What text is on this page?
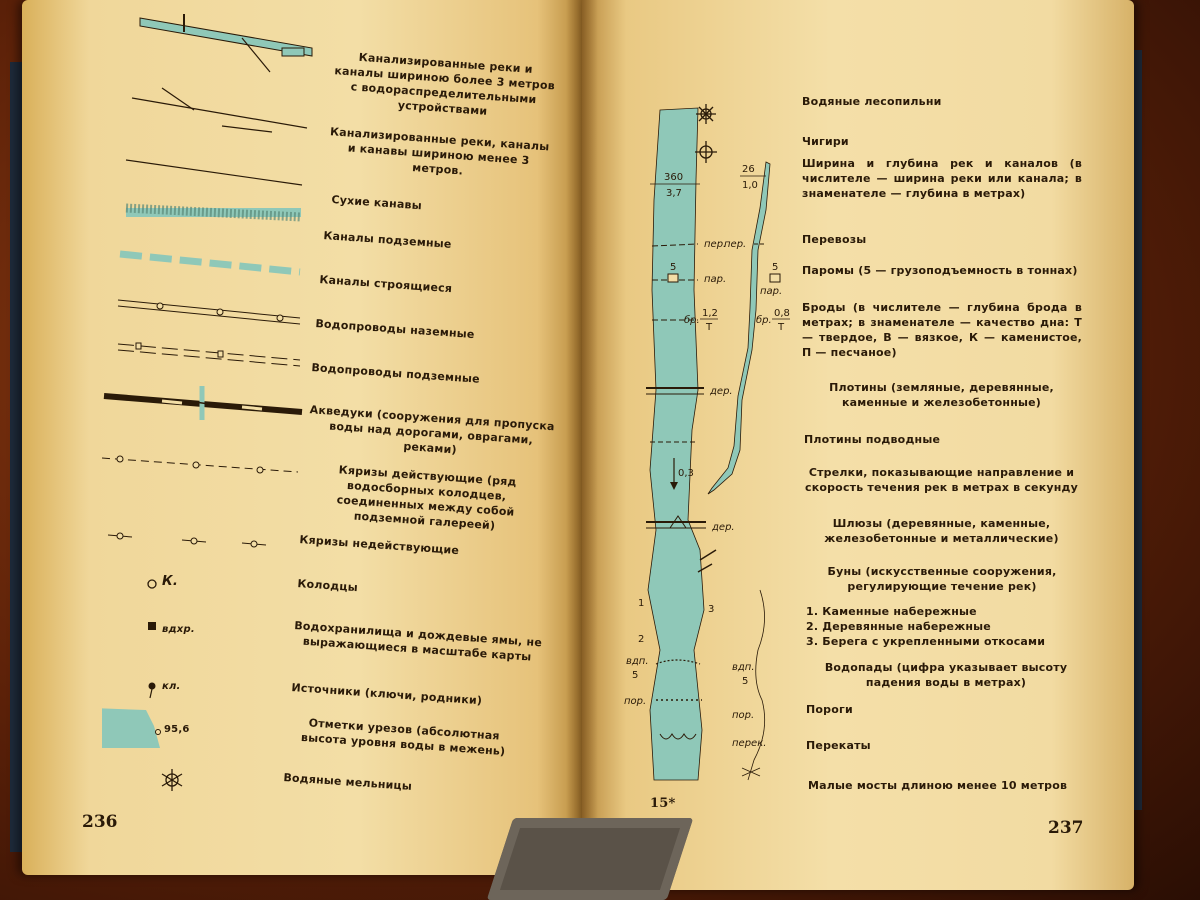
К.
вдхр.
кл.
95,6
Канализированные реки и каналы шириною более 3 метров с водораспределительными устройствами
Канализированные реки, каналы и канавы шириною менее 3 метров.
Сухие канавы
Каналы подземные
Каналы строящиеся
Водопроводы наземные
Водопроводы подземные
Акведуки (сооружения для пропуска воды над дорогами, оврагами, реками)
Кяризы действующие (ряд водосборных колодцев, соединенных между собой подземной галереей)
Кяризы недействующие
Колодцы
Водохранилища и дождевые ямы, не выражающиеся в масштабе карты
Источники (ключи, родники)
Отметки урезов (абсолютная высота уровня воды в межень)
Водяные мельницы
236
360
3,7
26
1,0
пер.
пер.
5
пар.
5
пар.
бр.
1,2
Т
бр.
0,8
Т
дер.
0,3
дер.
1
2
3
вдп.
5
вдп.
5
пор.
пор.
перек.
Водяные лесопильни
Чигири
Ширина и глубина рек и каналов (в числителе — ширина реки или канала; в знаменателе — глубина в метрах)
Перевозы
Паромы (5 — грузоподъемность в тоннах)
Броды (в числителе — глубина брода в метрах; в знаменателе — качество дна: Т — твердое, В — вязкое, К — каменистое, П — песчаное)
Плотины (земляные, деревянные, каменные и железобетонные)
Плотины подводные
Стрелки, показывающие направление и скорость течения рек в метрах в секунду
Шлюзы (деревянные, каменные, железобетонные и металлические)
Буны (искусственные сооружения, регулирующие течение рек)
1. Каменные набережные
2. Деревянные набережные
3. Берега с укрепленными откосами
Водопады (цифра указывает высоту падения воды в метрах)
Пороги
Перекаты
Малые мосты длиною менее 10 метров
15*
237
